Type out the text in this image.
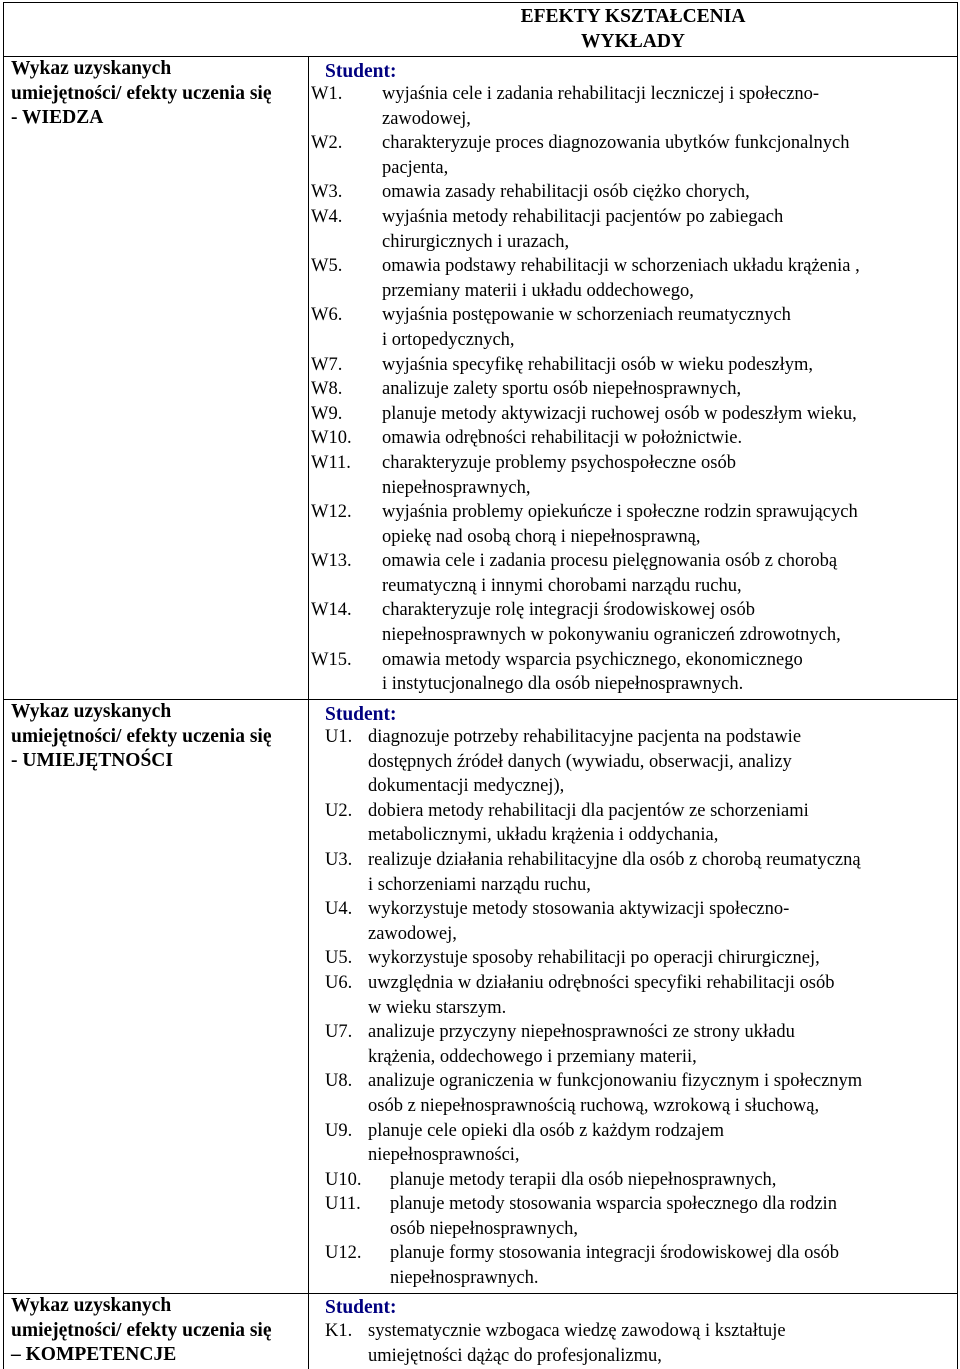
EFEKTY KSZTAŁCENIA
WYKŁADY
Wykaz uzyskanych
umiejętności/ efekty uczenia się
- WIEDZA
Student:
W1. wyjaśnia cele i zadania rehabilitacji leczniczej i społeczno-
zawodowej,
W2. charakteryzuje proces diagnozowania ubytków funkcjonalnych
pacjenta,
W3. omawia zasady rehabilitacji osób ciężko chorych,
W4. wyjaśnia metody rehabilitacji pacjentów po zabiegach
chirurgicznych i urazach,
W5. omawia podstawy rehabilitacji w schorzeniach układu krążenia ,
przemiany materii i układu oddechowego,
W6. wyjaśnia postępowanie w schorzeniach reumatycznych
i ortopedycznych,
W7. wyjaśnia specyfikę rehabilitacji osób w wieku podeszłym,
W8. analizuje zalety sportu osób niepełnosprawnych,
W9. planuje metody aktywizacji ruchowej osób w podeszłym wieku,
W10. omawia odrębności rehabilitacji w położnictwie.
W11. charakteryzuje problemy psychospołeczne osób
niepełnosprawnych,
W12. wyjaśnia problemy opiekuńcze i społeczne rodzin sprawujących
opiekę nad osobą chorą i niepełnosprawną,
W13. omawia cele i zadania procesu pielęgnowania osób z chorobą
reumatyczną i innymi chorobami narządu ruchu,
W14. charakteryzuje rolę integracji środowiskowej osób
niepełnosprawnych w pokonywaniu ograniczeń zdrowotnych,
W15. omawia metody wsparcia psychicznego, ekonomicznego
i instytucjonalnego dla osób niepełnosprawnych.
Wykaz uzyskanych
umiejętności/ efekty uczenia się
- UMIEJĘTNOŚCI
Student:
U1. diagnozuje potrzeby rehabilitacyjne pacjenta na podstawie
dostępnych źródeł danych (wywiadu, obserwacji, analizy
dokumentacji medycznej),
U2. dobiera metody rehabilitacji dla pacjentów ze schorzeniami
metabolicznymi, układu krążenia i oddychania,
U3. realizuje działania rehabilitacyjne dla osób z chorobą reumatyczną
i schorzeniami narządu ruchu,
U4. wykorzystuje metody stosowania aktywizacji społeczno-
zawodowej,
U5. wykorzystuje sposoby rehabilitacji po operacji chirurgicznej,
U6. uwzględnia w działaniu odrębności specyfiki rehabilitacji osób
w wieku starszym.
U7. analizuje przyczyny niepełnosprawności ze strony układu
krążenia, oddechowego i przemiany materii,
U8. analizuje ograniczenia w funkcjonowaniu fizycznym i społecznym
osób z niepełnosprawnością ruchową, wzrokową i słuchową,
U9. planuje cele opieki dla osób z każdym rodzajem
niepełnosprawności,
U10. planuje metody terapii dla osób niepełnosprawnych,
U11. planuje metody stosowania wsparcia społecznego dla rodzin
osób niepełnosprawnych,
U12. planuje formy stosowania integracji środowiskowej dla osób
niepełnosprawnych.
Wykaz uzyskanych
umiejętności/ efekty uczenia się
– KOMPETENCJE
Student:
K1. systematycznie wzbogaca wiedzę zawodową i kształtuje
umiejętności dążąc do profesjonalizmu,
